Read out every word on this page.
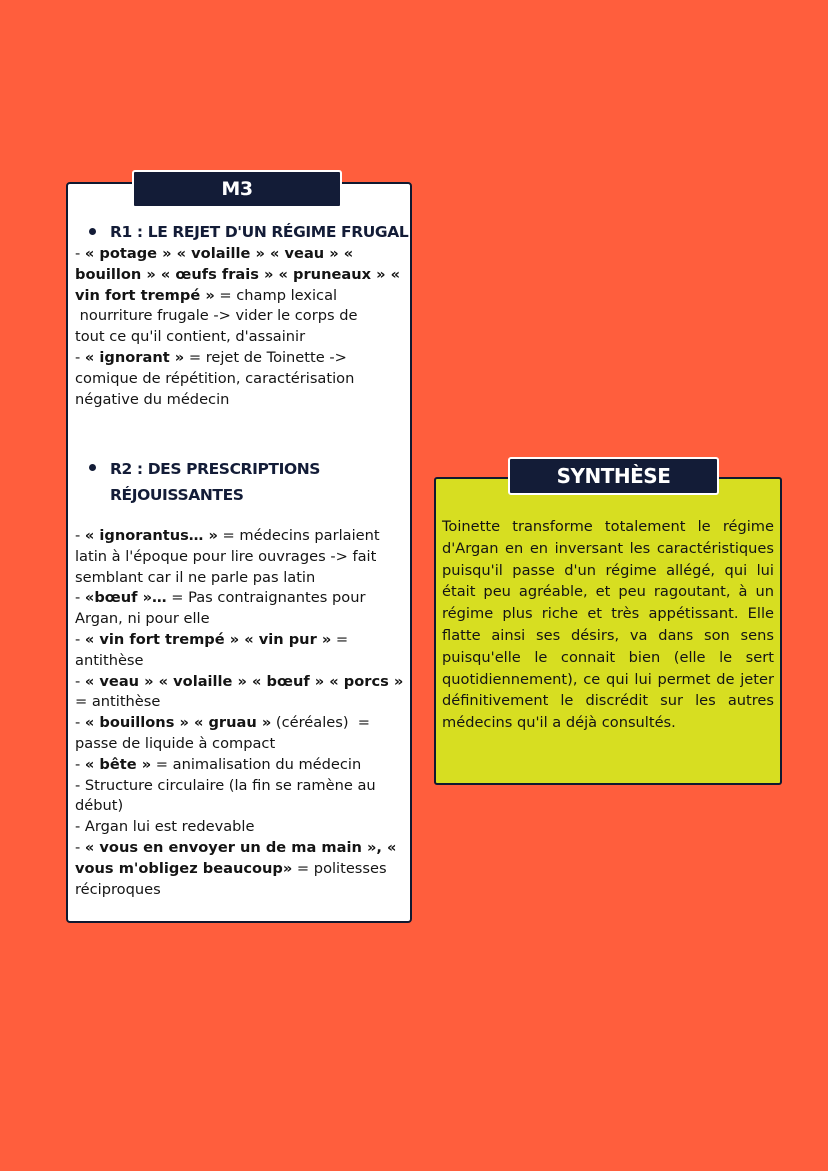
M3
R1 : LE REJET D'UN RÉGIME FRUGAL
- « potage » « volaille » « veau » «
bouillon » « œufs frais » « pruneaux » «
vin fort trempé » = champ lexical
nourriture frugale -> vider le corps de
tout ce qu'il contient, d'assainir
- « ignorant » = rejet de Toinette ->
comique de répétition, caractérisation
négative du médecin
R2 : DES PRESCRIPTIONS RÉJOUISSANTES
- « ignorantus… » = médecins parlaient
latin à l'époque pour lire ouvrages -> fait
semblant car il ne parle pas latin
- «bœuf »… = Pas contraignantes pour
Argan, ni pour elle
- « vin fort trempé » « vin pur » =
antithèse
- « veau » « volaille » « bœuf » « porcs »
= antithèse
- « bouillons » « gruau » (céréales)  =
passe de liquide à compact
- « bête » = animalisation du médecin
- Structure circulaire (la fin se ramène au
début)
- Argan lui est redevable
- « vous en envoyer un de ma main », «
vous m'obligez beaucoup» = politesses
réciproques
SYNTHÈSE

Toinette transforme totalement le régime d'Argan en en inversant les caractéristiques puisqu'il passe d'un régime allégé, qui lui était peu agréable, et peu ragoutant, à un régime plus riche et très appétissant. Elle flatte ainsi ses désirs, va dans son sens puisqu'elle le connait bien (elle le sert quotidiennement), ce qui lui permet de jeter définitivement le discrédit sur les autres médecins qu'il a déjà consultés.
